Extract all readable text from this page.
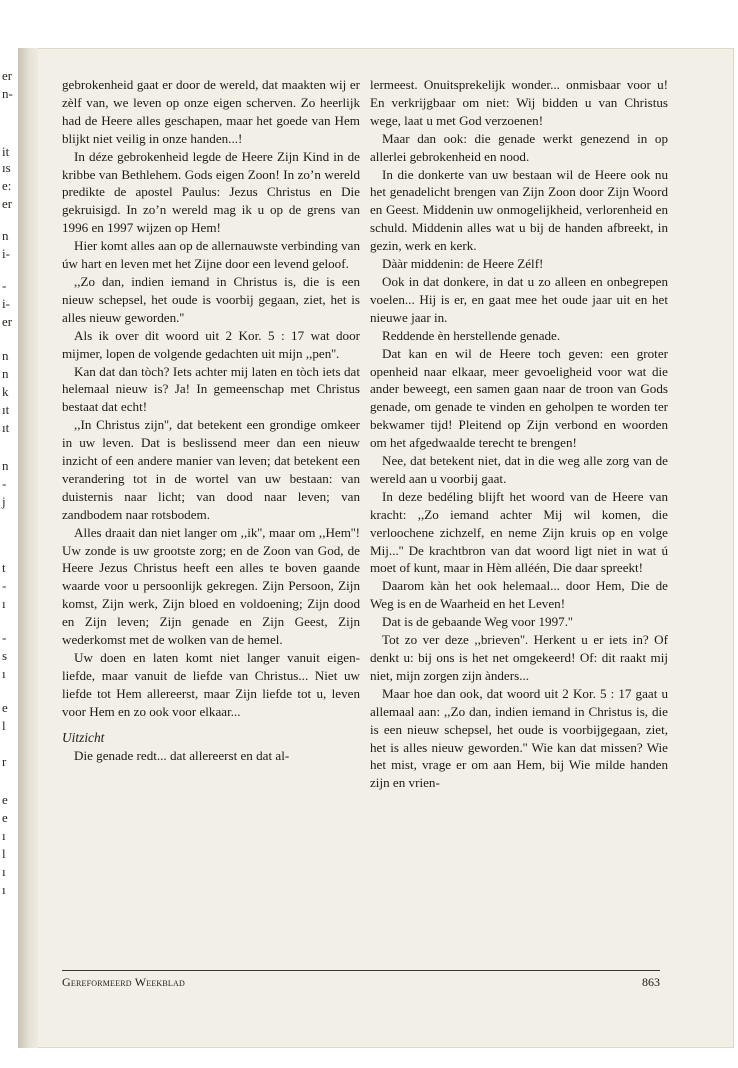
er
n-
it
ıs
e:
er
n
i-
-
i-
er
n
n
k
ıt
ıt
n
-
j
t
-
ı
-
s
ı
e
l
r
e
e
ı
l
ı
ı

gebrokenheid gaat er door de wereld, dat maakten wij er zèlf van, we leven op onze eigen scherven. Zo heerlijk had de Heere alles geschapen, maar het goede van Hem blijkt niet veilig in onze handen...!

In déze gebrokenheid legde de Heere Zijn Kind in de kribbe van Bethlehem. Gods eigen Zoon! In zo’n wereld predikte de apostel Paulus: Jezus Christus en Die gekruisigd. In zo’n wereld mag ik u op de grens van 1996 en 1997 wijzen op Hem!

Hier komt alles aan op de allernauwste verbinding van úw hart en leven met het Zijne door een levend geloof.

,,Zo dan, indien iemand in Christus is, die is een nieuw schepsel, het oude is voorbij gegaan, ziet, het is alles nieuw geworden.''

Als ik over dit woord uit 2 Kor. 5 : 17 wat door mijmer, lopen de volgende gedachten uit mijn ,,pen''.

Kan dat dan tòch? Iets achter mij laten en tòch iets dat helemaal nieuw is? Ja! In gemeenschap met Christus bestaat dat echt!

,,In Christus zijn'', dat betekent een grondige omkeer in uw leven. Dat is beslissend meer dan een nieuw inzicht of een andere manier van leven; dat betekent een verandering tot in de wortel van uw bestaan: van duisternis naar licht; van dood naar leven; van zandbodem naar rotsbodem.

Alles draait dan niet langer om ,,ik'', maar om ,,Hem''! Uw zonde is uw grootste zorg; en de Zoon van God, de Heere Jezus Christus heeft een alles te boven gaande waarde voor u persoonlijk gekregen. Zijn Persoon, Zijn komst, Zijn werk, Zijn bloed en voldoening; Zijn dood en Zijn leven; Zijn genade en Zijn Geest, Zijn wederkomst met de wolken van de hemel.

Uw doen en laten komt niet langer vanuit eigen-liefde, maar vanuit de liefde van Christus... Niet uw liefde tot Hem allereerst, maar Zijn liefde tot u, leven voor Hem en zo ook voor elkaar...

Uitzicht

Die genade redt... dat allereerst en dat al-

lermeest. Onuitsprekelijk wonder... onmisbaar voor u! En verkrijgbaar om niet: Wij bidden u van Christus wege, laat u met God verzoenen!

Maar dan ook: die genade werkt genezend in op allerlei gebrokenheid en nood.

In die donkerte van uw bestaan wil de Heere ook nu het genadelicht brengen van Zijn Zoon door Zijn Woord en Geest. Middenin uw onmogelijkheid, verlorenheid en schuld. Middenin alles wat u bij de handen afbreekt, in gezin, werk en kerk.

Dààr middenin: de Heere Zélf!

Ook in dat donkere, in dat u zo alleen en onbegrepen voelen... Hij is er, en gaat mee het oude jaar uit en het nieuwe jaar in.

Reddende èn herstellende genade.

Dat kan en wil de Heere toch geven: een groter openheid naar elkaar, meer gevoeligheid voor wat die ander beweegt, een samen gaan naar de troon van Gods genade, om genade te vinden en geholpen te worden ter bekwamer tijd! Pleitend op Zijn verbond en woorden om het afgedwaalde terecht te brengen!

Nee, dat betekent niet, dat in die weg alle zorg van de wereld aan u voorbij gaat.

In deze bedéling blijft het woord van de Heere van kracht: ,,Zo iemand achter Mij wil komen, die verloochene zichzelf, en neme Zijn kruis op en volge Mij...'' De krachtbron van dat woord ligt niet in wat ú moet of kunt, maar in Hèm alléén, Die daar spreekt!

Daarom kàn het ook helemaal... door Hem, Die de Weg is en de Waarheid en het Leven!

Dat is de gebaande Weg voor 1997.''

Tot zo ver deze ,,brieven''. Herkent u er iets in? Of denkt u: bij ons is het net omgekeerd! Of: dit raakt mij niet, mijn zorgen zijn ànders...

Maar hoe dan ook, dat woord uit 2 Kor. 5 : 17 gaat u allemaal aan: ,,Zo dan, indien iemand in Christus is, die is een nieuw schepsel, het oude is voorbijgegaan, ziet, het is alles nieuw geworden.'' Wie kan dat missen? Wie het mist, vrage er om aan Hem, bij Wie milde handen zijn en vrien-

Gereformeerd Weekblad	863
